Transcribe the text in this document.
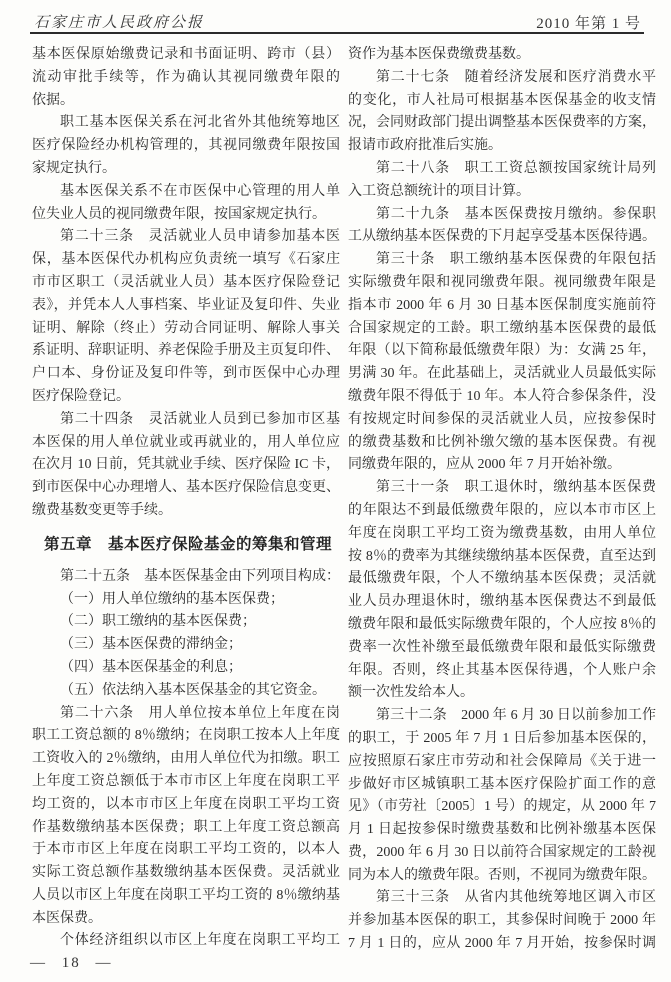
石家庄市人民政府公报	2010 年第 1 号
基本医保原始缴费记录和书面证明、跨市（县）
流动审批手续等，作为确认其视同缴费年限的
依据。
职工基本医保关系在河北省外其他统筹地区
医疗保险经办机构管理的，其视同缴费年限按国
家规定执行。
基本医保关系不在市医保中心管理的用人单
位失业人员的视同缴费年限，按国家规定执行。
第二十三条　灵活就业人员申请参加基本医
保，基本医保代办机构应负责统一填写《石家庄
市市区职工（灵活就业人员）基本医疗保险登记
表》，并凭本人人事档案、毕业证及复印件、失业
证明、解除（终止）劳动合同证明、解除人事关
系证明、辞职证明、养老保险手册及主页复印件、
户口本、身份证及复印件等，到市医保中心办理
医疗保险登记。
第二十四条　灵活就业人员到已参加市区基
本医保的用人单位就业或再就业的，用人单位应
在次月 10 日前，凭其就业手续、医疗保险 IC 卡，
到市医保中心办理增人、基本医疗保险信息变更、
缴费基数变更等手续。
第五章　基本医疗保险基金的筹集和管理
第二十五条　基本医保基金由下列项目构成：
（一）用人单位缴纳的基本医保费；
（二）职工缴纳的基本医保费；
（三）基本医保费的滞纳金；
（四）基本医保基金的利息；
（五）依法纳入基本医保基金的其它资金。
第二十六条　用人单位按本单位上年度在岗
职工工资总额的 8％缴纳；在岗职工按本人上年度
工资收入的 2％缴纳，由用人单位代为扣缴。职工
上年度工资总额低于本市市区上年度在岗职工平
均工资的，以本市市区上年度在岗职工平均工资
作基数缴纳基本医保费；职工上年度工资总额高
于本市市区上年度在岗职工平均工资的，以本人
实际工资总额作基数缴纳基本医保费。灵活就业
人员以市区上年度在岗职工平均工资的 8％缴纳基
本医保费。
个体经济组织以市区上年度在岗职工平均工
资作为基本医保费缴费基数。
第二十七条　随着经济发展和医疗消费水平
的变化，市人社局可根据基本医保基金的收支情
况，会同财政部门提出调整基本医保费率的方案，
报请市政府批准后实施。
第二十八条　职工工资总额按国家统计局列
入工资总额统计的项目计算。
第二十九条　基本医保费按月缴纳。参保职
工从缴纳基本医保费的下月起享受基本医保待遇。
第三十条　职工缴纳基本医保费的年限包括
实际缴费年限和视同缴费年限。视同缴费年限是
指本市 2000 年 6 月 30 日基本医保制度实施前符
合国家规定的工龄。职工缴纳基本医保费的最低
年限（以下简称最低缴费年限）为：女满 25 年，
男满 30 年。在此基础上，灵活就业人员最低实际
缴费年限不得低于 10 年。本人符合参保条件，没
有按规定时间参保的灵活就业人员，应按参保时
的缴费基数和比例补缴欠缴的基本医保费。有视
同缴费年限的，应从 2000 年 7 月开始补缴。
第三十一条　职工退休时，缴纳基本医保费
的年限达不到最低缴费年限的，应以本市市区上
年度在岗职工平均工资为缴费基数，由用人单位
按 8％的费率为其继续缴纳基本医保费，直至达到
最低缴费年限，个人不缴纳基本医保费；灵活就
业人员办理退休时，缴纳基本医保费达不到最低
缴费年限和最低实际缴费年限的，个人应按 8％的
费率一次性补缴至最低缴费年限和最低实际缴费
年限。否则，终止其基本医保待遇，个人账户余
额一次性发给本人。
第三十二条　2000 年 6 月 30 日以前参加工作
的职工，于 2005 年 7 月 1 日后参加基本医保的，
应按照原石家庄市劳动和社会保障局《关于进一
步做好市区城镇职工基本医疗保险扩面工作的意
见》（市劳社〔2005〕1 号）的规定，从 2000 年 7
月 1 日起按参保时缴费基数和比例补缴基本医保
费，2000 年 6 月 30 日以前符合国家规定的工龄视
同为本人的缴费年限。否则，不视同为缴费年限。
第三十三条　从省内其他统筹地区调入市区
并参加基本医保的职工，其参保时间晚于 2000 年
7 月 1 日的，应从 2000 年 7 月开始，按参保时调
— 18 —
